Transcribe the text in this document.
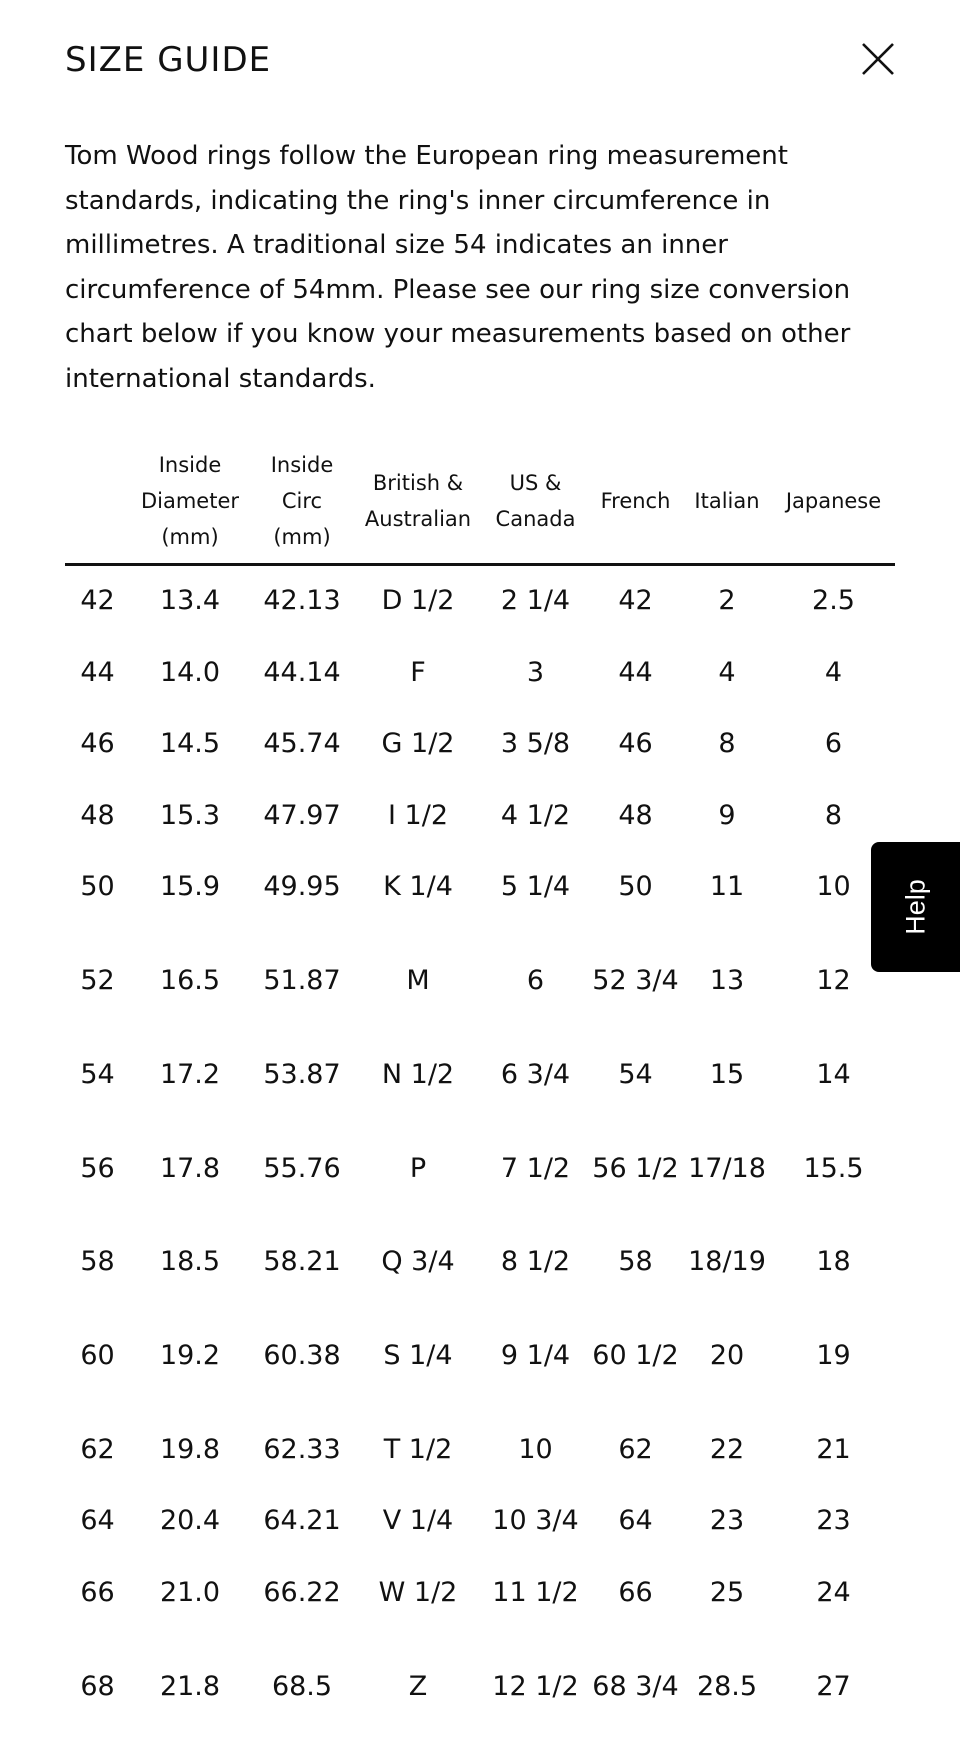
SIZE GUIDE

Tom Wood rings follow the European ring measurement standards, indicating the ring's inner circumference in millimetres. A traditional size 54 indicates an inner circumference of 54mm. Please see our ring size conversion chart below if you know your measurements based on other international standards.

	Inside Diameter (mm)	Inside Circ (mm)	British & Australian	US & Canada	French	Italian	Japanese
42	13.4	42.13	D 1/2	2 1/4	42	2	2.5
44	14.0	44.14	F	3	44	4	4
46	14.5	45.74	G 1/2	3 5/8	46	8	6
48	15.3	47.97	I 1/2	4 1/2	48	9	8
50	15.9	49.95	K 1/4	5 1/4	50	11	10
52	16.5	51.87	M	6	52 3/4	13	12
54	17.2	53.87	N 1/2	6 3/4	54	15	14
56	17.8	55.76	P	7 1/2	56 1/2	17/18	15.5
58	18.5	58.21	Q 3/4	8 1/2	58	18/19	18
60	19.2	60.38	S 1/4	9 1/4	60 1/2	20	19
62	19.8	62.33	T 1/2	10	62	22	21
64	20.4	64.21	V 1/4	10 3/4	64	23	23
66	21.0	66.22	W 1/2	11 1/2	66	25	24
68	21.8	68.5	Z	12 1/2	68 3/4	28.5	27
Help
